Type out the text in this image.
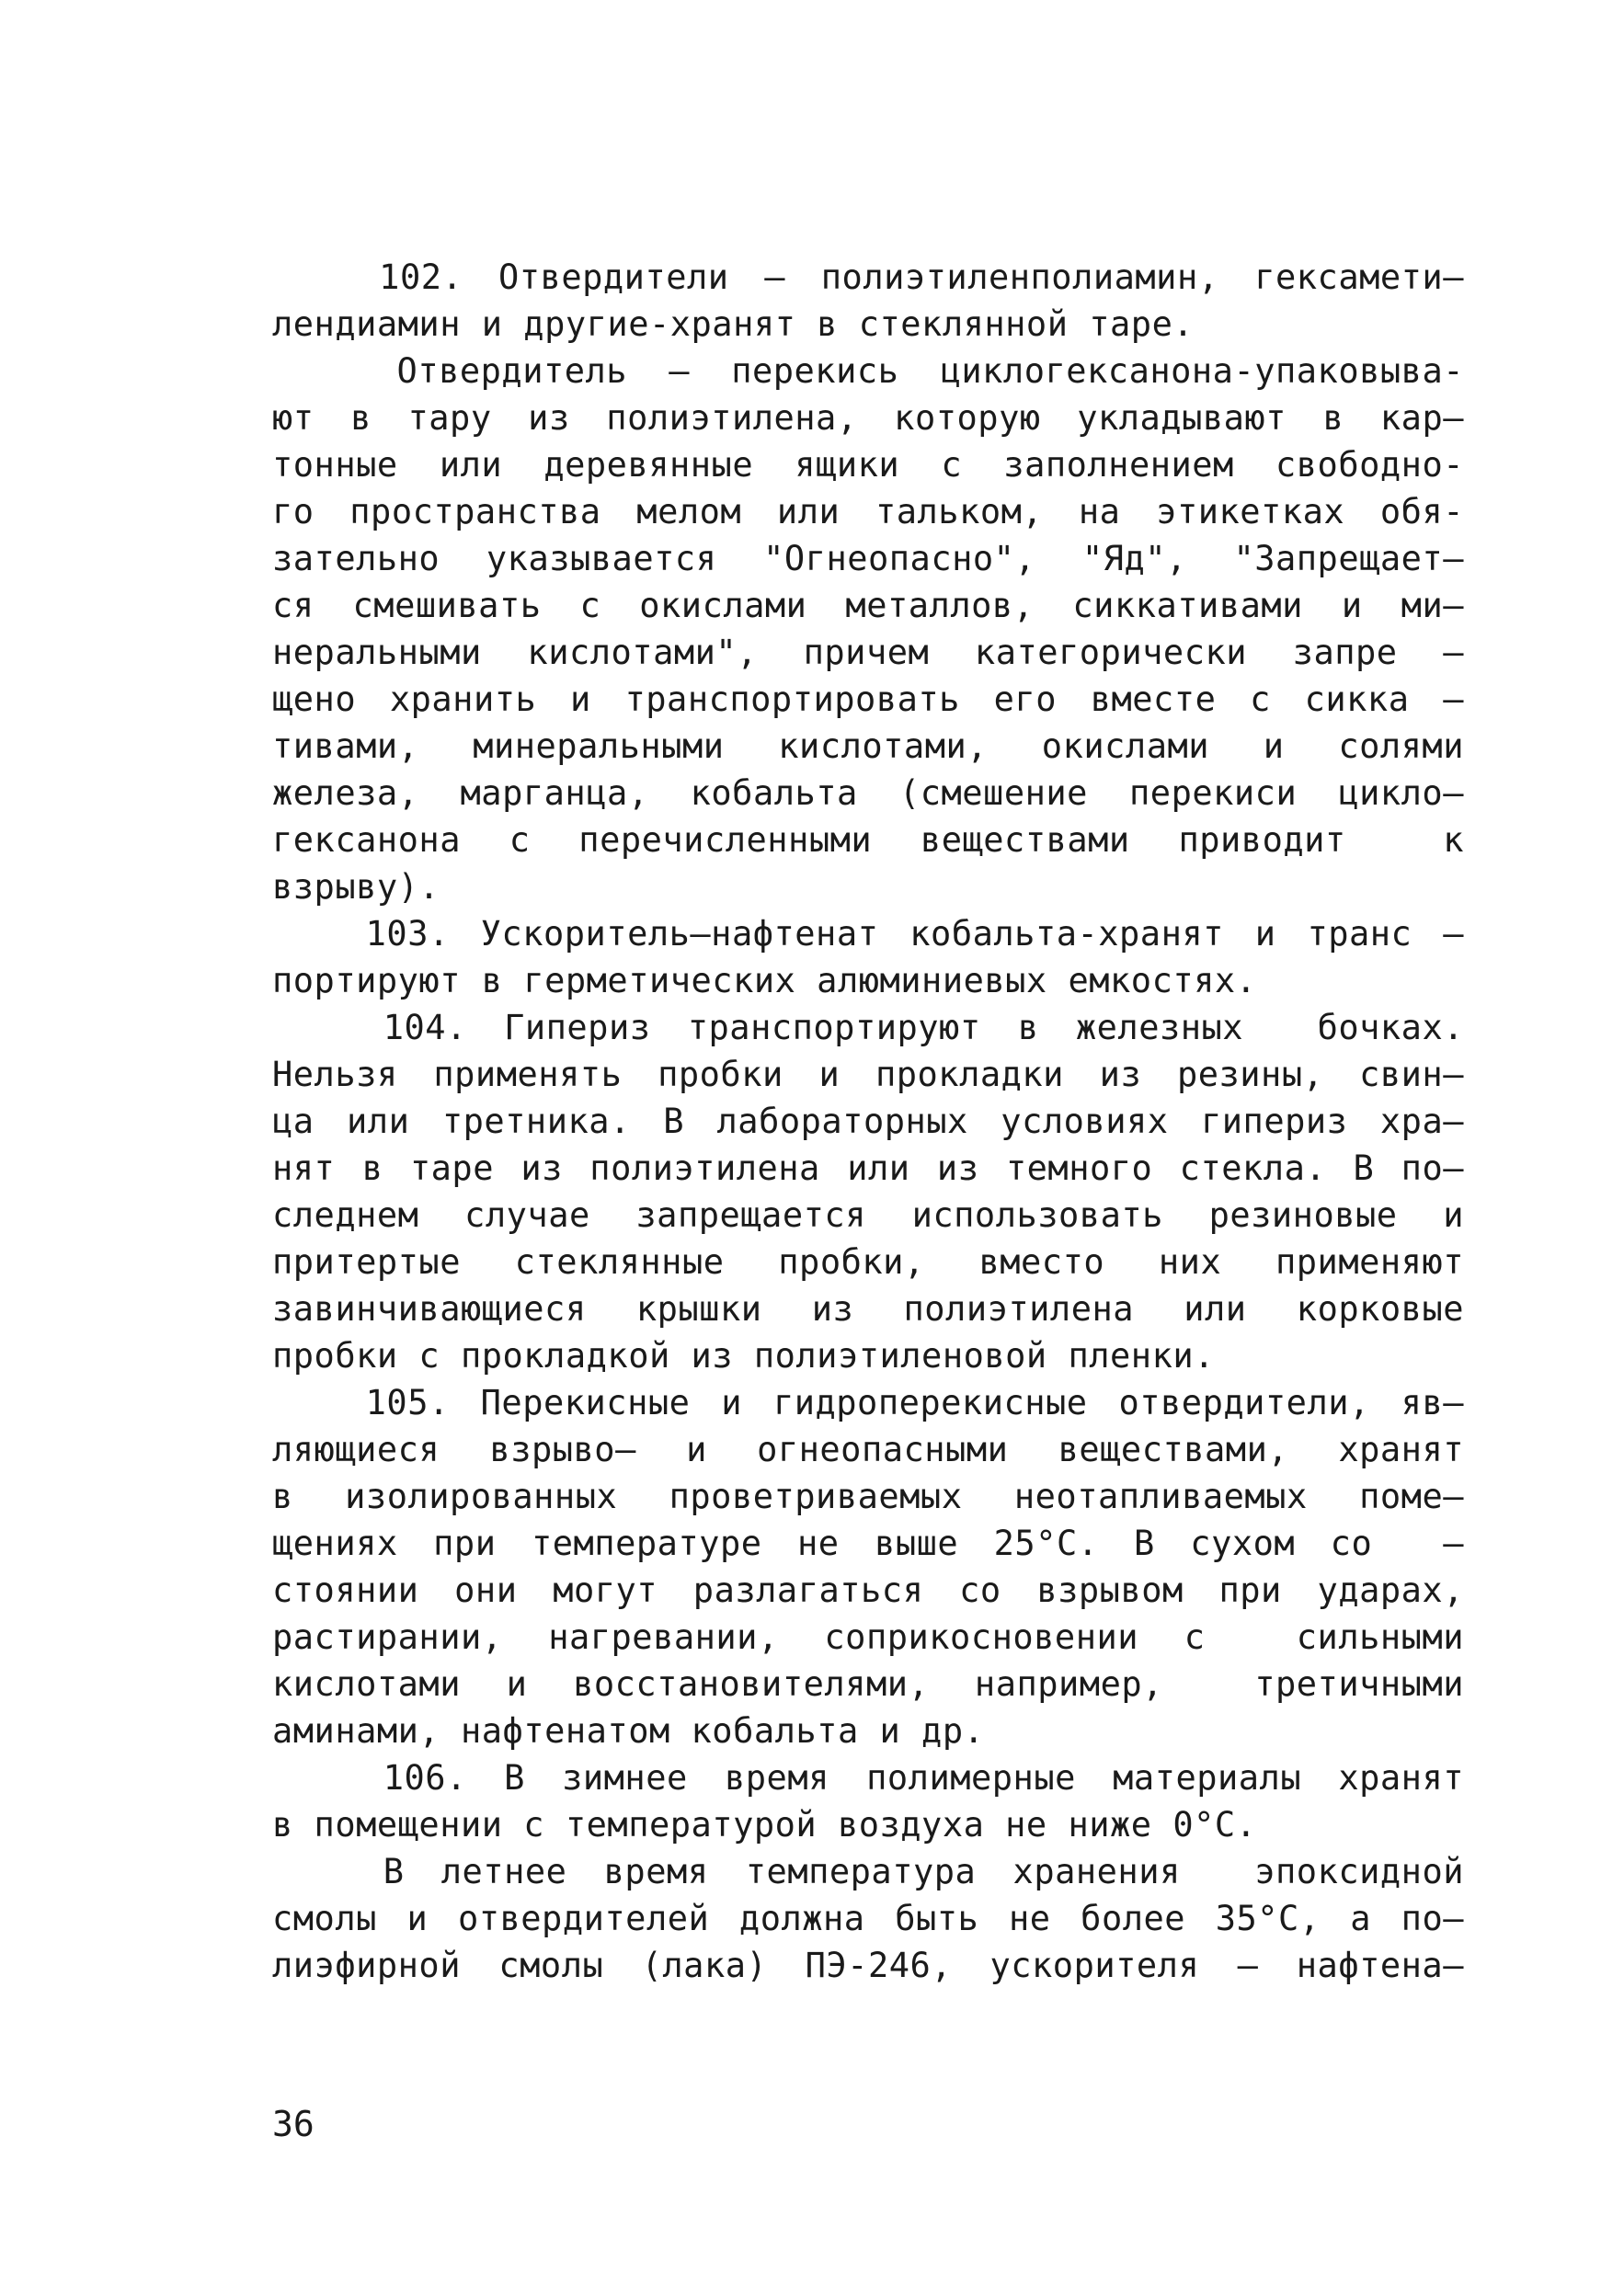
102. Отвердители – полиэтиленполиамин, гексамети–
лендиамин и другие-хранят в стеклянной таре.
Отвердитель – перекись циклогексанона-упаковыва-
ют в тару из полиэтилена, которую укладывают в кар–
тонные или деревянные ящики с заполнением свободно-
го пространства мелом или тальком, на этикетках обя-
зательно указывается "Огнеопасно", "Яд", "Запрещает–
ся смешивать с окислами металлов, сиккативами и ми–
неральными кислотами", причем категорически запре –
щено хранить и транспортировать его вместе с сикка –
тивами, минеральными кислотами, окислами и солями
железа, марганца, кобальта (смешение перекиси цикло–
гексанона с перечисленными веществами приводит  к
взрыву).
103. Ускоритель–нафтенат кобальта-хранят и транс –
портируют в герметических алюминиевых емкостях.
104. Гипериз транспортируют в железных  бочках.
Нельзя применять пробки и прокладки из резины, свин–
ца или третника. В лабораторных условиях гипериз хра–
нят в таре из полиэтилена или из темного стекла. В по–
следнем случае запрещается использовать резиновые и
притертые стеклянные пробки, вместо них применяют
завинчивающиеся крышки из полиэтилена или корковые
пробки с прокладкой из полиэтиленовой пленки.
105. Перекисные и гидроперекисные отвердители, яв–
ляющиеся взрыво– и огнеопасными веществами, хранят
в изолированных проветриваемых неотапливаемых поме–
щениях при температуре не выше 25°С. В сухом со  –
стоянии они могут разлагаться со взрывом при ударах,
растирании, нагревании, соприкосновении с  сильными
кислотами и восстановителями, например,  третичными
аминами, нафтенатом кобальта и др.
106. В зимнее время полимерные материалы хранят
в помещении с температурой воздуха не ниже 0°С.
В летнее время температура хранения  эпоксидной
смолы и отвердителей должна быть не более 35°С, а по–
лиэфирной смолы (лака) ПЭ-246, ускорителя – нафтена–
36
